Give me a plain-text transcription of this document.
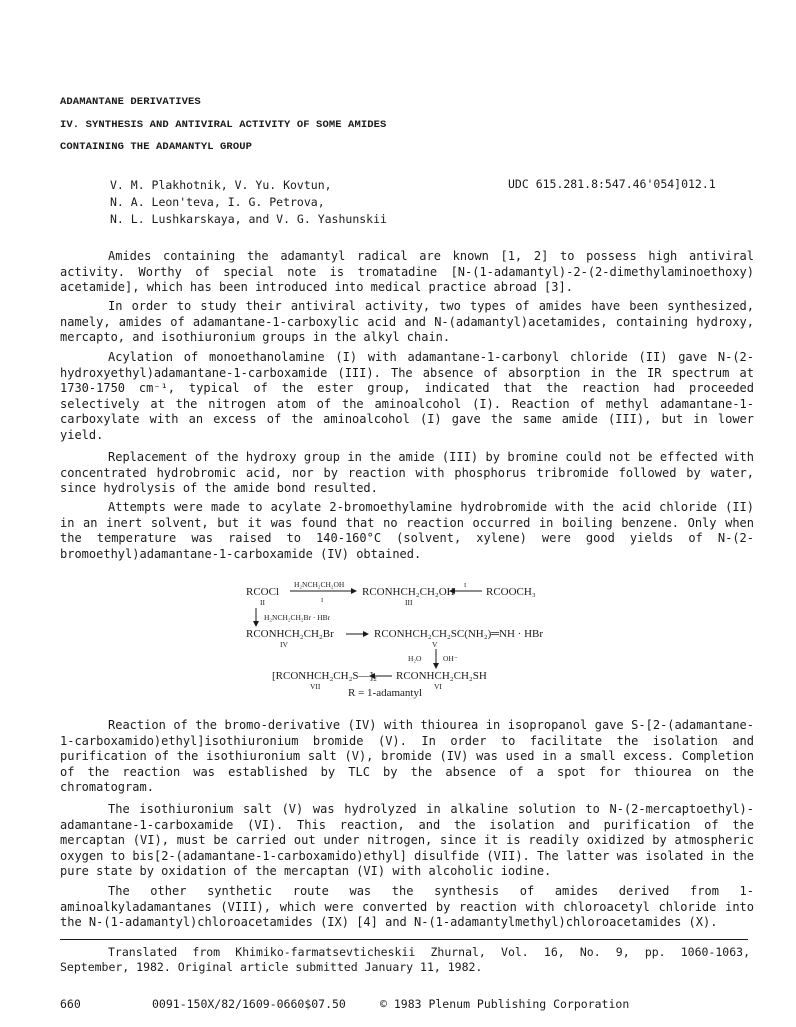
ADAMANTANE DERIVATIVES
IV. SYNTHESIS AND ANTIVIRAL ACTIVITY OF SOME AMIDES
CONTAINING THE ADAMANTYL GROUP
V. M. Plakhotnik, V. Yu. Kovtun,
N. A. Leon'teva, I. G. Petrova,
N. L. Lushkarskaya, and V. G. Yashunskii
UDC 615.281.8:547.46'054]012.1

Amides containing the adamantyl radical are known [1, 2] to possess high antiviral activity. Worthy of special note is tromatadine [N-(1-adamantyl)-2-(2-dimethylaminoethoxy) acetamide], which has been introduced into medical practice abroad [3].

In order to study their antiviral activity, two types of amides have been synthesized, namely, amides of adamantane-1-carboxylic acid and N-(adamantyl)acetamides, containing hydroxy, mercapto, and isothiuronium groups in the alkyl chain.

Acylation of monoethanolamine (I) with adamantane-1-carbonyl chloride (II) gave N-(2-hydroxyethyl)adamantane-1-carboxamide (III). The absence of absorption in the IR spectrum at 1730-1750 cm⁻¹, typical of the ester group, indicated that the reaction had proceeded selectively at the nitrogen atom of the aminoalcohol (I). Reaction of methyl adamantane-1-carboxylate with an excess of the aminoalcohol (I) gave the same amide (III), but in lower yield.

Replacement of the hydroxy group in the amide (III) by bromine could not be effected with concentrated hydrobromic acid, nor by reaction with phosphorus tribromide followed by water, since hydrolysis of the amide bond resulted.

Attempts were made to acylate 2-bromoethylamine hydrobromide with the acid chloride (II) in an inert solvent, but it was found that no reaction occurred in boiling benzene. Only when the temperature was raised to 140-160°C (solvent, xylene) were good yields of N-(2-bromoethyl)adamantane-1-carboxamide (IV) obtained.

RCOCl
II
H₂NCH₂CH₂OH
I
RCONHCH₂CH₂OH
III
I
RCOOCH₃
H₂NCH₂CH₂Br · HBr
RCONHCH₂CH₂Br
IV
RCONHCH₂CH₂SC(NH₂)═NH · HBr
V
H₂O	OH⁻
[RCONHCH₂CH₂S—]₂
VII
RCONHCH₂CH₂SH
VI
R = 1-adamantyl

Reaction of the bromo-derivative (IV) with thiourea in isopropanol gave S-[2-(adamantane-1-carboxamido)ethyl]isothiuronium bromide (V). In order to facilitate the isolation and purification of the isothiuronium salt (V), bromide (IV) was used in a small excess. Completion of the reaction was established by TLC by the absence of a spot for thiourea on the chromatogram.

The isothiuronium salt (V) was hydrolyzed in alkaline solution to N-(2-mercaptoethyl)-adamantane-1-carboxamide (VI). This reaction, and the isolation and purification of the mercaptan (VI), must be carried out under nitrogen, since it is readily oxidized by atmospheric oxygen to bis[2-(adamantane-1-carboxamido)ethyl] disulfide (VII). The latter was isolated in the pure state by oxidation of the mercaptan (VI) with alcoholic iodine.

The other synthetic route was the synthesis of amides derived from 1-aminoalkyladamantanes (VIII), which were converted by reaction with chloroacetyl chloride into the N-(1-adamantyl)chloroacetamides (IX) [4] and N-(1-adamantylmethyl)chloroacetamides (X).

Translated from Khimiko-farmatsevticheskii Zhurnal, Vol. 16, No. 9, pp. 1060-1063, September, 1982. Original article submitted January 11, 1982.

660	0091-150X/82/1609-0660$07.50	© 1983 Plenum Publishing Corporation
